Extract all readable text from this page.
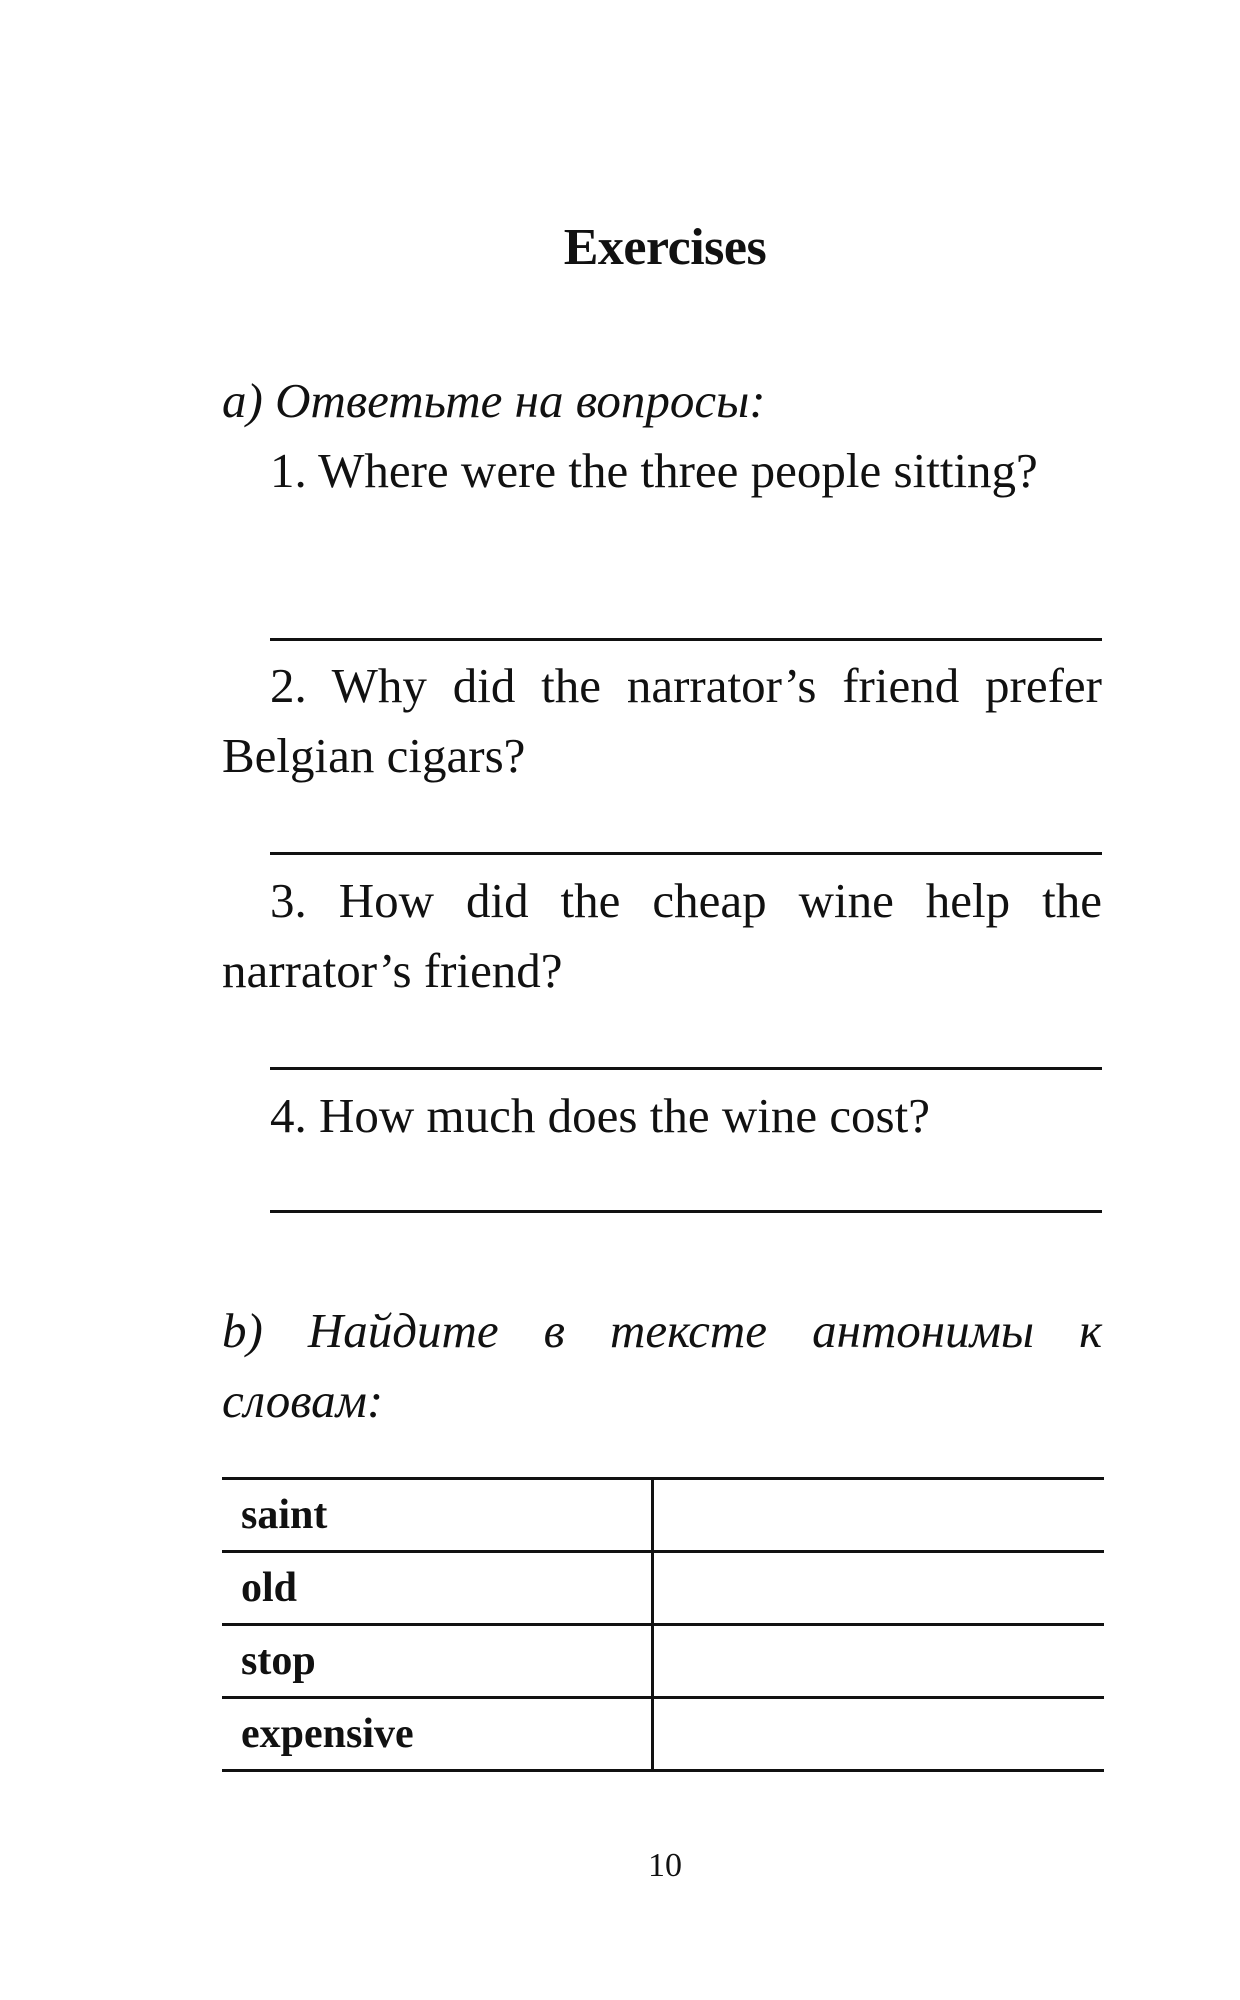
Exercises
a) Ответьте на вопросы:
1. Where were the three people sitting?
2. Why did the narrator’s friend prefer Belgian cigars?
3. How did the cheap wine help the narrator’s friend?
4. How much does the wine cost?
b) Найдите в тексте антонимы к словам:
saint	
old	
stop	
expensive	
10
